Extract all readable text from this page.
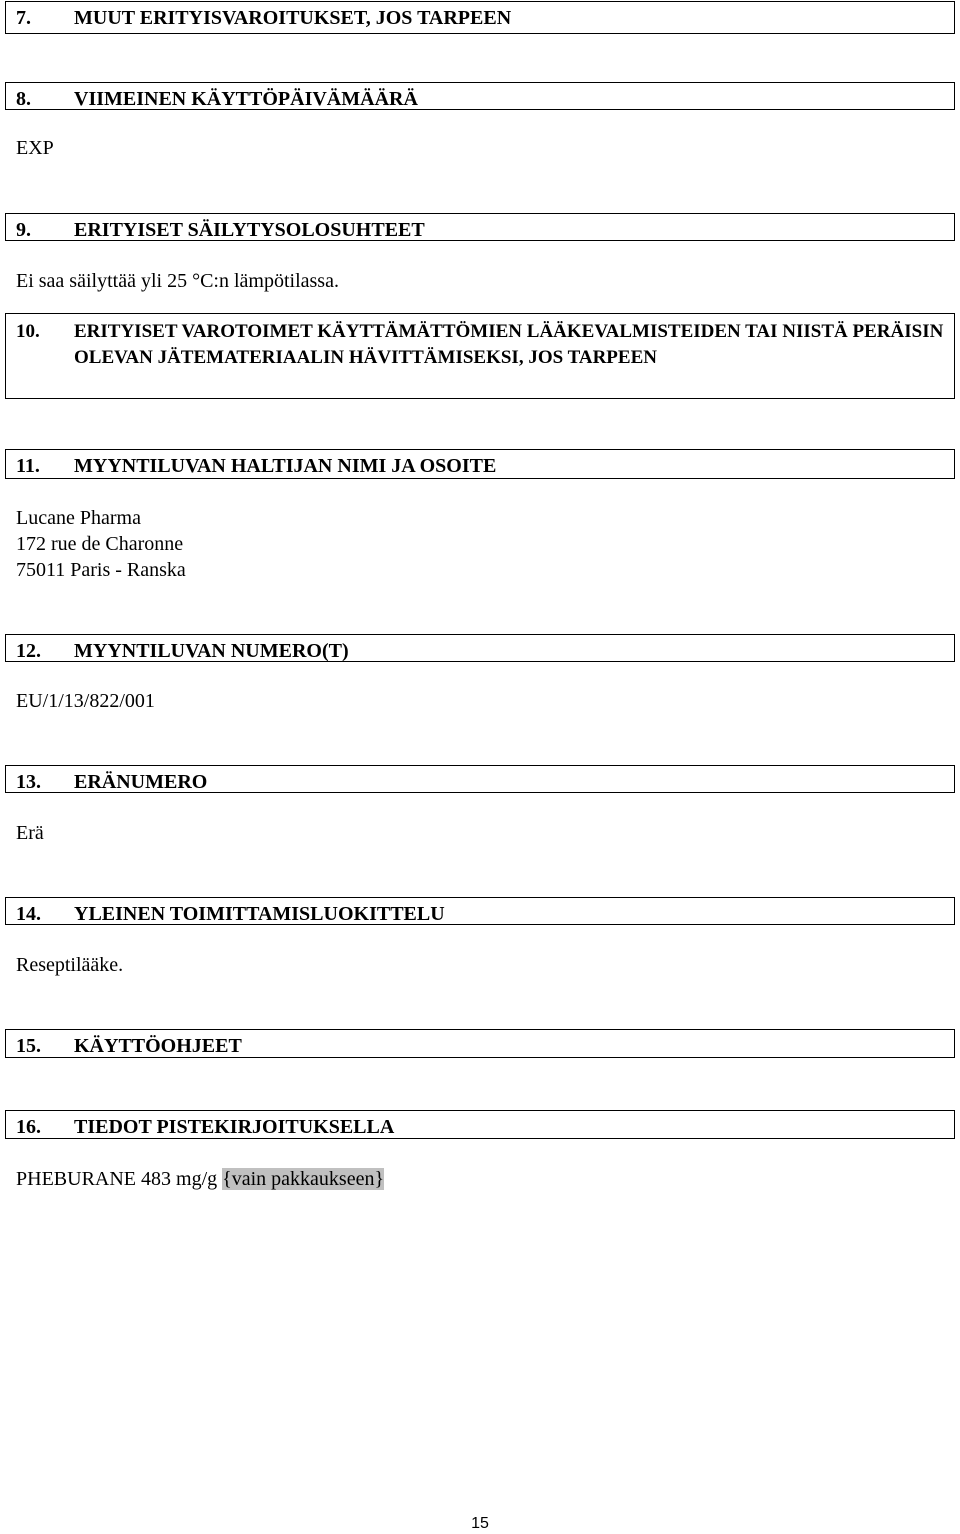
7. MUUT ERITYISVAROITUKSET, JOS TARPEEN
8. VIIMEINEN KÄYTTÖPÄIVÄMÄÄRÄ
EXP
9. ERITYISET SÄILYTYSOLOSUHTEET
Ei saa säilyttää yli 25 °C:n lämpötilassa.
10.	ERITYISET VAROTOIMET KÄYTTÄMÄTTÖMIEN LÄÄKEVALMISTEIDEN TAI NIISTÄ PERÄISIN OLEVAN JÄTEMATERIAALIN HÄVITTÄMISEKSI, JOS TARPEEN
11. MYYNTILUVAN HALTIJAN NIMI JA OSOITE
Lucane Pharma
172 rue de Charonne
75011 Paris - Ranska
12. MYYNTILUVAN NUMERO(T)
EU/1/13/822/001
13. ERÄNUMERO
Erä
14. YLEINEN TOIMITTAMISLUOKITTELU
Reseptilääke.
15. KÄYTTÖOHJEET
16. TIEDOT PISTEKIRJOITUKSELLA
PHEBURANE 483 mg/g {vain pakkaukseen}
15
